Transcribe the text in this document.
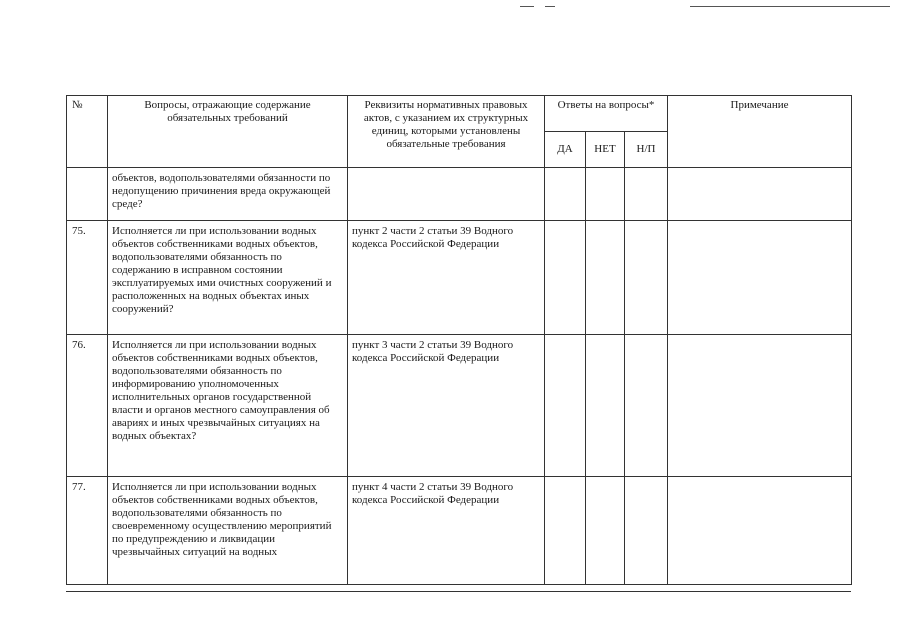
№	Вопросы, отражающие содержание обязательных требований	Реквизиты нормативных правовых актов, с указанием их структурных единиц, которыми установлены обязательные требования	Ответы на вопросы*			Примечание
			ДА	НЕТ	Н/П	
	объектов, водопользователями обязанности по недопущению причинения вреда окружающей среде?					
75.	Исполняется ли при использовании водных объектов собственниками водных объектов, водопользователями обязанность по содержанию в исправном состоянии эксплуатируемых ими очистных сооружений и расположенных на водных объектах иных сооружений?	пункт 2 части 2 статьи 39 Водного кодекса Российской Федерации				
76.	Исполняется ли при использовании водных объектов собственниками водных объектов, водопользователями обязанность по информированию уполномоченных исполнительных органов государственной власти и органов местного самоуправления об авариях и иных чрезвычайных ситуациях на водных объектах?	пункт 3 части 2 статьи 39 Водного кодекса Российской Федерации				
77.	Исполняется ли при использовании водных объектов собственниками водных объектов, водопользователями обязанность по своевременному осуществлению мероприятий по предупреждению и ликвидации чрезвычайных ситуаций на водных	пункт 4 части 2 статьи 39 Водного кодекса Российской Федерации				
